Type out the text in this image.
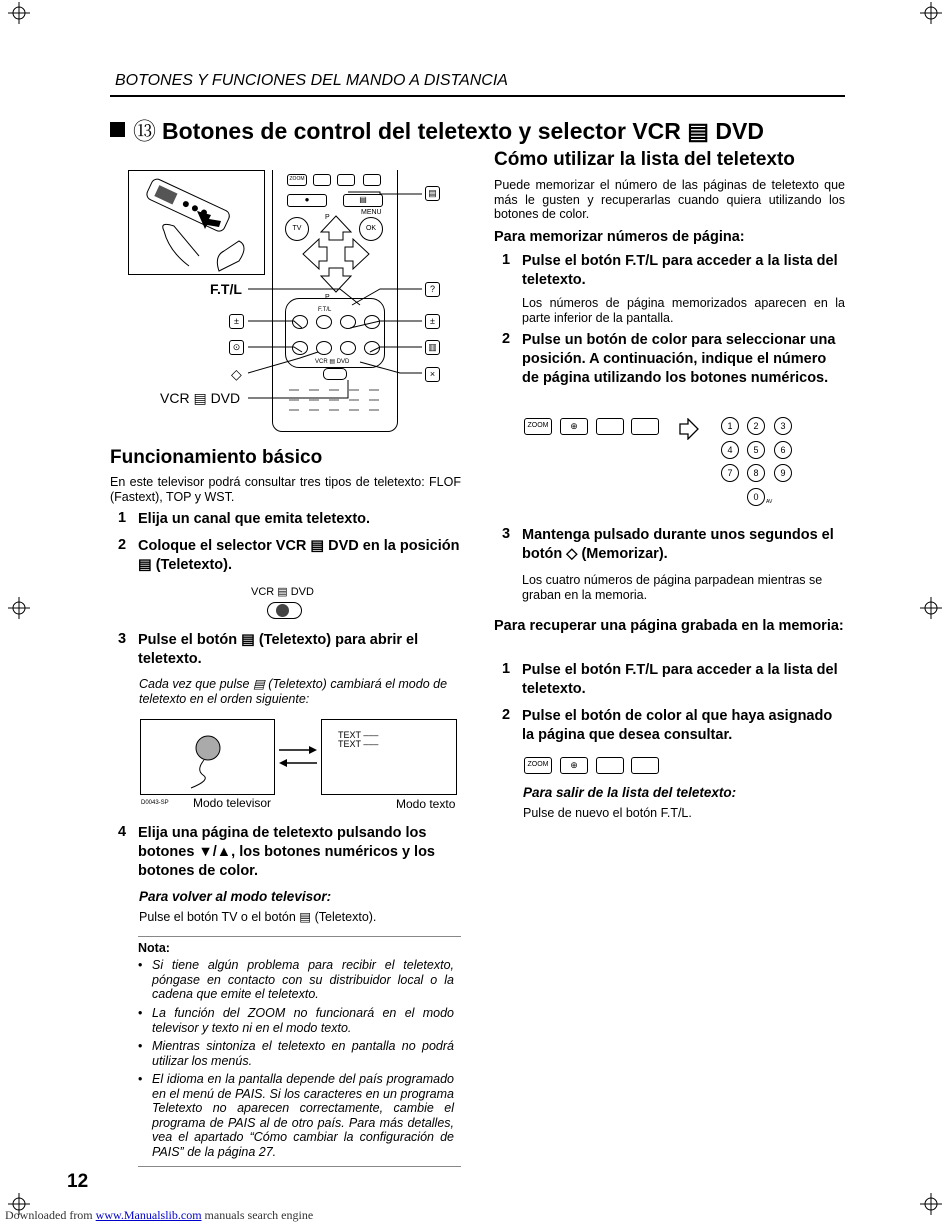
BOTONES Y FUNCIONES DEL MANDO A DISTANCIA
⑬ Botones de control del teletexto y selector VCR ▤ DVD
ZOOM
●	▤
MENU
TV	OK
P
P
F.T/L
VCR ▤ DVD
▤
F.T/L	?
±	±
⊙	▥
◇	×
VCR ▤ DVD
Funcionamiento básico
En este televisor podrá consultar tres tipos de teletexto: FLOF (Fastext), TOP y WST.
1 Elija un canal que emita teletexto.
2 Coloque el selector VCR ▤ DVD en la posición ▤ (Teletexto).
VCR ▤ DVD
3 Pulse el botón ▤ (Teletexto) para abrir el teletexto.
Cada vez que pulse ▤ (Teletexto) cambiará el modo de teletexto en el orden siguiente:
TEXT –––
TEXT –––
D0043-SP Modo televisor	Modo texto
4 Elija una página de teletexto pulsando los botones ▼/▲, los botones numéricos y los botones de color.
Para volver al modo televisor:
Pulse el botón TV o el botón ▤ (Teletexto).
Nota:
• Si tiene algún problema para recibir el teletexto, póngase en contacto con su distribuidor local o la cadena que emite el teletexto.
• La función del ZOOM no funcionará en el modo televisor y texto ni en el modo texto.
• Mientras sintoniza el teletexto en pantalla no podrá utilizar los menús.
• El idioma en la pantalla depende del país programado en el menú de PAIS. Si los caracteres en un programa Teletexto no aparecen correctamente, cambie el programa de PAIS al de otro país. Para más detalles, vea el apartado “Cómo cambiar la configuración de PAIS” de la página 27.
Cómo utilizar la lista del teletexto
Puede memorizar el número de las páginas de teletexto que más le gusten y recuperarlas cuando quiera utilizando los botones de color.
Para memorizar números de página:
1 Pulse el botón F.T/L para acceder a la lista del teletexto.
Los números de página memorizados aparecen en la parte inferior de la pantalla.
2 Pulse un botón de color para seleccionar una posición. A continuación, indique el número de página utilizando los botones numéricos.
ZOOM	⊕	1	2	3
4	5	6
7	8	9
0	AV
3 Mantenga pulsado durante unos segundos el botón ◇ (Memorizar).
Los cuatro números de página parpadean mientras se graban en la memoria.
Para recuperar una página grabada en la memoria:
1 Pulse el botón F.T/L para acceder a la lista del teletexto.
2 Pulse el botón de color al que haya asignado la página que desea consultar.
ZOOM	⊕
Para salir de la lista del teletexto:
Pulse de nuevo el botón F.T/L.
12
Downloaded from www.Manualslib.com manuals search engine
